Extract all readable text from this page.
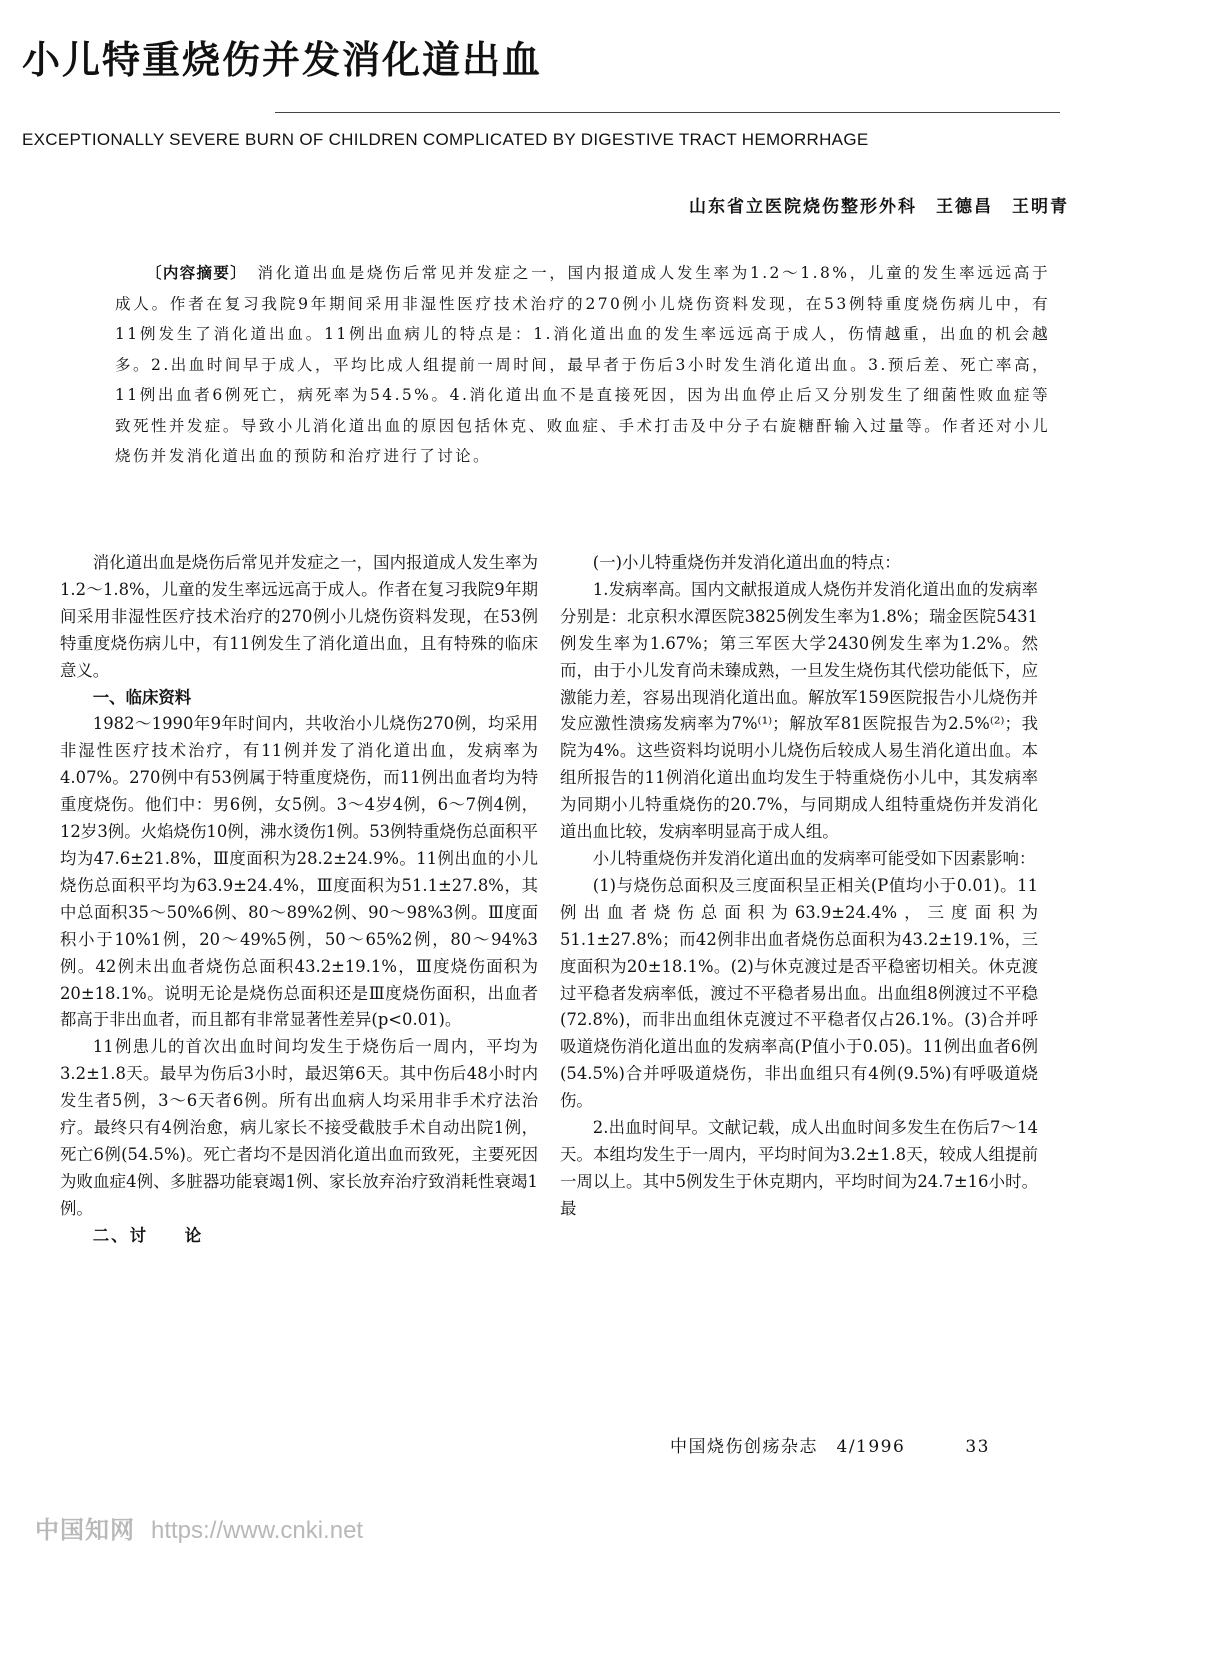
小儿特重烧伤并发消化道出血
EXCEPTIONALLY SEVERE BURN OF CHILDREN COMPLICATED BY DIGESTIVE TRACT HEMORRHAGE
山东省立医院烧伤整形外科　王德昌　王明青
〔内容摘要〕　消化道出血是烧伤后常见并发症之一，国内报道成人发生率为1.2～1.8%，儿童的发生率远远高于成人。作者在复习我院9年期间采用非湿性医疗技术治疗的270例小儿烧伤资料发现，在53例特重度烧伤病儿中，有11例发生了消化道出血。11例出血病儿的特点是：1.消化道出血的发生率远远高于成人，伤情越重，出血的机会越多。2.出血时间早于成人，平均比成人组提前一周时间，最早者于伤后3小时发生消化道出血。3.预后差、死亡率高，11例出血者6例死亡，病死率为54.5%。4.消化道出血不是直接死因，因为出血停止后又分别发生了细菌性败血症等致死性并发症。导致小儿消化道出血的原因包括休克、败血症、手术打击及中分子右旋糖酐输入过量等。作者还对小儿烧伤并发消化道出血的预防和治疗进行了讨论。

消化道出血是烧伤后常见并发症之一，国内报道成人发生率为1.2～1.8%，儿童的发生率远远高于成人。作者在复习我院9年期间采用非湿性医疗技术治疗的270例小儿烧伤资料发现，在53例特重度烧伤病儿中，有11例发生了消化道出血，且有特殊的临床意义。

一、临床资料

1982～1990年9年时间内，共收治小儿烧伤270例，均采用非湿性医疗技术治疗，有11例并发了消化道出血，发病率为4.07%。270例中有53例属于特重度烧伤，而11例出血者均为特重度烧伤。他们中：男6例，女5例。3～4岁4例，6～7例4例，12岁3例。火焰烧伤10例，沸水烫伤1例。53例特重烧伤总面积平均为47.6±21.8%，Ⅲ度面积为28.2±24.9%。11例出血的小儿烧伤总面积平均为63.9±24.4%，Ⅲ度面积为51.1±27.8%，其中总面积35～50%6例、80～89%2例、90～98%3例。Ⅲ度面积小于10%1例，20～49%5例，50～65%2例，80～94%3例。42例未出血者烧伤总面积43.2±19.1%，Ⅲ度烧伤面积为20±18.1%。说明无论是烧伤总面积还是Ⅲ度烧伤面积，出血者都高于非出血者，而且都有非常显著性差异(p<0.01)。

11例患儿的首次出血时间均发生于烧伤后一周内，平均为3.2±1.8天。最早为伤后3小时，最迟第6天。其中伤后48小时内发生者5例，3～6天者6例。所有出血病人均采用非手术疗法治疗。最终只有4例治愈，病儿家长不接受截肢手术自动出院1例，死亡6例(54.5%)。死亡者均不是因消化道出血而致死，主要死因为败血症4例、多脏器功能衰竭1例、家长放弃治疗致消耗性衰竭1例。

二、讨　　论
(一)小儿特重烧伤并发消化道出血的特点：

1.发病率高。国内文献报道成人烧伤并发消化道出血的发病率分别是：北京积水潭医院3825例发生率为1.8%；瑞金医院5431例发生率为1.67%；第三军医大学2430例发生率为1.2%。然而，由于小儿发育尚未臻成熟，一旦发生烧伤其代偿功能低下，应激能力差，容易出现消化道出血。解放军159医院报告小儿烧伤并发应激性溃疡发病率为7%⁽¹⁾；解放军81医院报告为2.5%⁽²⁾；我院为4%。这些资料均说明小儿烧伤后较成人易生消化道出血。本组所报告的11例消化道出血均发生于特重烧伤小儿中，其发病率为同期小儿特重烧伤的20.7%，与同期成人组特重烧伤并发消化道出血比较，发病率明显高于成人组。

小儿特重烧伤并发消化道出血的发病率可能受如下因素影响：

(1)与烧伤总面积及三度面积呈正相关(P值均小于0.01)。11例出血者烧伤总面积为63.9±24.4%，三度面积为51.1±27.8%；而42例非出血者烧伤总面积为43.2±19.1%，三度面积为20±18.1%。(2)与休克渡过是否平稳密切相关。休克渡过平稳者发病率低，渡过不平稳者易出血。出血组8例渡过不平稳(72.8%)，而非出血组休克渡过不平稳者仅占26.1%。(3)合并呼吸道烧伤消化道出血的发病率高(P值小于0.05)。11例出血者6例(54.5%)合并呼吸道烧伤，非出血组只有4例(9.5%)有呼吸道烧伤。

2.出血时间早。文献记载，成人出血时间多发生在伤后7～14天。本组均发生于一周内，平均时间为3.2±1.8天，较成人组提前一周以上。其中5例发生于休克期内，平均时间为24.7±16小时。最

中国烧伤创疡杂志　4/1996	33
中国知网 https://www.cnki.net
